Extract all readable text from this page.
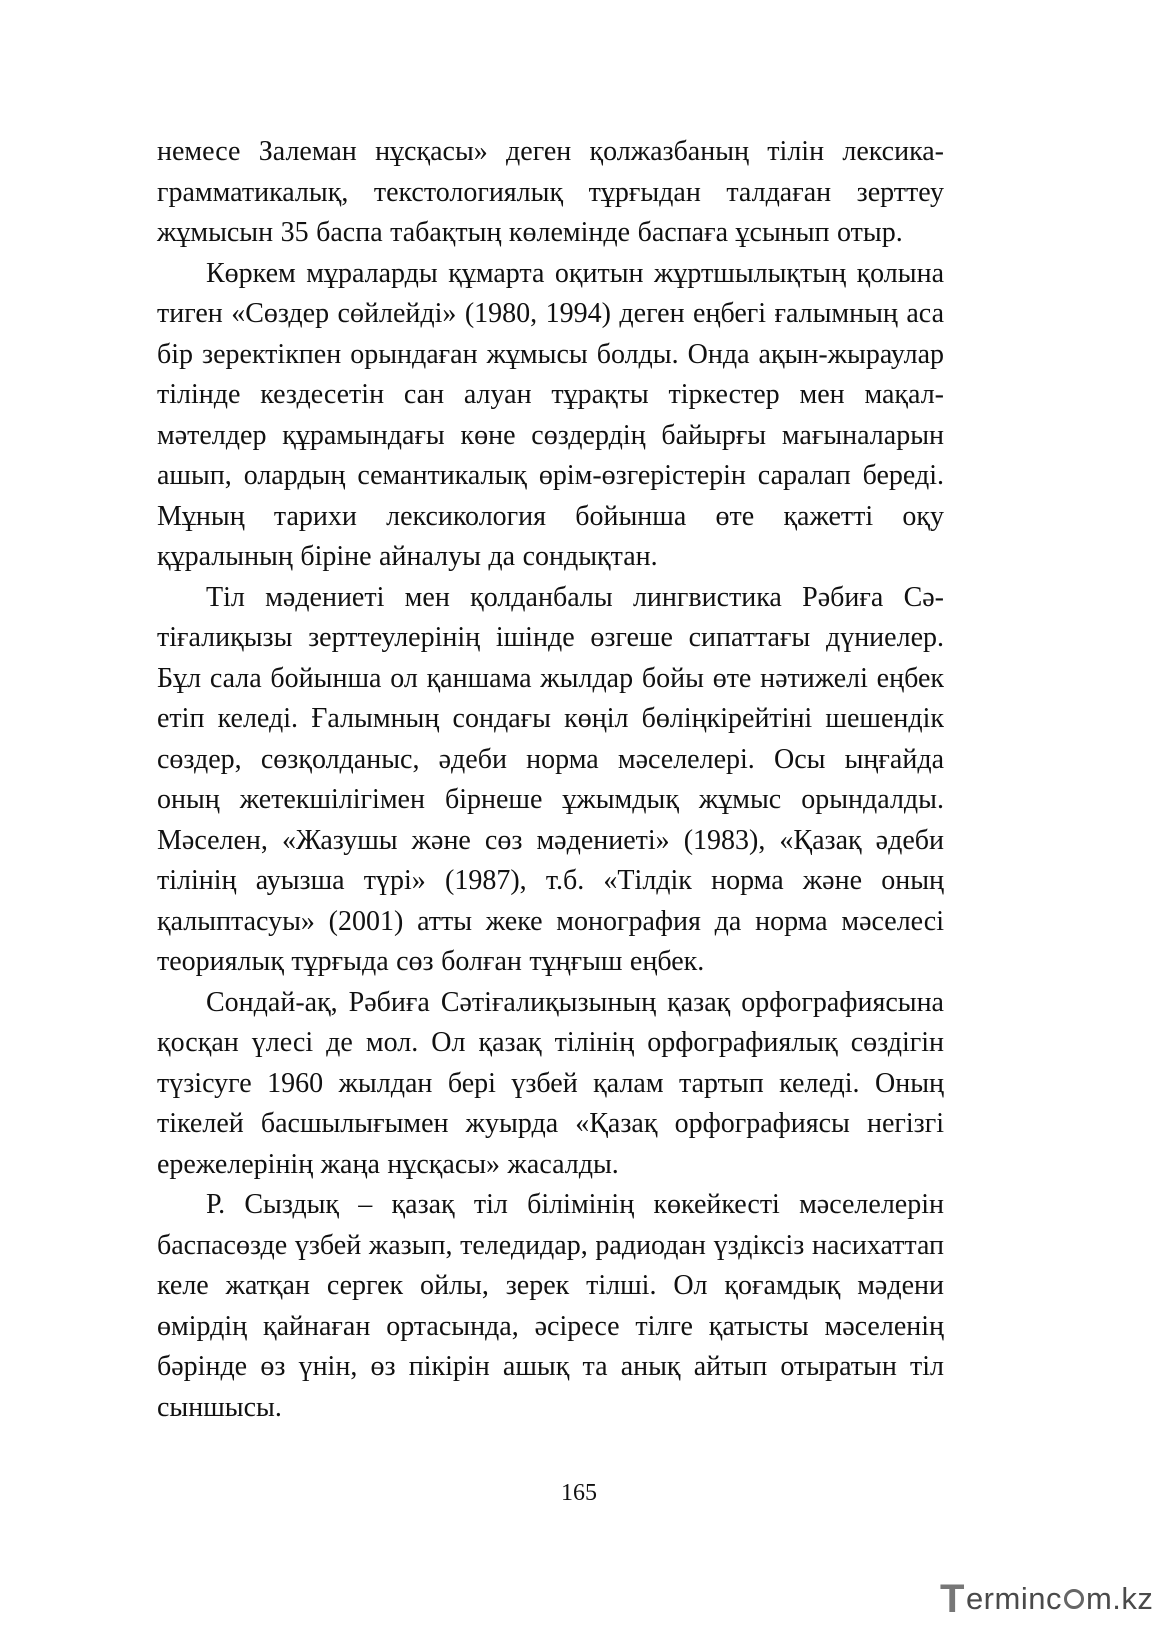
немесе Залеман нұсқасы» деген қолжазбаның тілін лексика-грамматикалық, текстологиялық тұрғыдан талдаған зерттеу жұмысын 35 баспа табақтың көлемінде баспаға ұсынып отыр.

Көркем мұраларды құмарта оқитын жұртшылықтың қолына тиген «Сөздер сөйлейді» (1980, 1994) деген еңбегі ғалымның аса бір зеректікпен орындаған жұмысы болды. Онда ақын-жыраулар тілінде кездесетін сан алуан тұрақты тіркестер мен мақал-мәтелдер құрамындағы көне сөздердің байырғы мағыналарын ашып, олардың семантикалық өрім-өзгерістерін саралап береді. Мұның тарихи лексикология бойынша өте қажетті оқу құралының біріне айналуы да сондықтан.

Тіл мәдениеті мен қолданбалы лингвистика Рәбиға Сәтіғалиқызы зерттеулерінің ішінде өзгеше сипаттағы дүниелер. Бұл сала бойынша ол қаншама жылдар бойы өте нәтижелі еңбек етіп келеді. Ғалымның сондағы көңіл бөліңкірейтіні шешендік сөздер, сөзқолданыс, әдеби норма мәселелері. Осы ыңғайда оның жетекшілігімен бірнеше ұжымдық жұмыс орындалды. Мәселен, «Жазушы және сөз мәдениеті» (1983), «Қазақ әдеби тілінің ауызша түрі» (1987), т.б. «Тілдік норма және оның қалыптасуы» (2001) атты жеке монография да норма мәселесі теориялық тұрғыда сөз болған тұңғыш еңбек.

Сондай-ақ, Рәбиға Сәтіғалиқызының қазақ орфографиясына қосқан үлесі де мол. Ол қазақ тілінің орфографиялық сөздігін түзісуге 1960 жылдан бері үзбей қалам тартып келеді. Оның тікелей басшылығымен жуырда «Қазақ орфографиясы негізгі ережелерінің жаңа нұсқасы» жасалды.

Р. Сыздық – қазақ тіл білімінің көкейкесті мәселелерін баспасөзде үзбей жазып, теледидар, радиодан үздіксіз насихаттап келе жатқан сергек ойлы, зерек тілші. Ол қоғамдық мәдени өмірдің қайнаған ортасында, әсіресе тілге қатысты мәселенің бәрінде өз үнін, өз пікірін ашық та анық айтып отыратын тіл сыншысы.

165
T ermin c m.kz
